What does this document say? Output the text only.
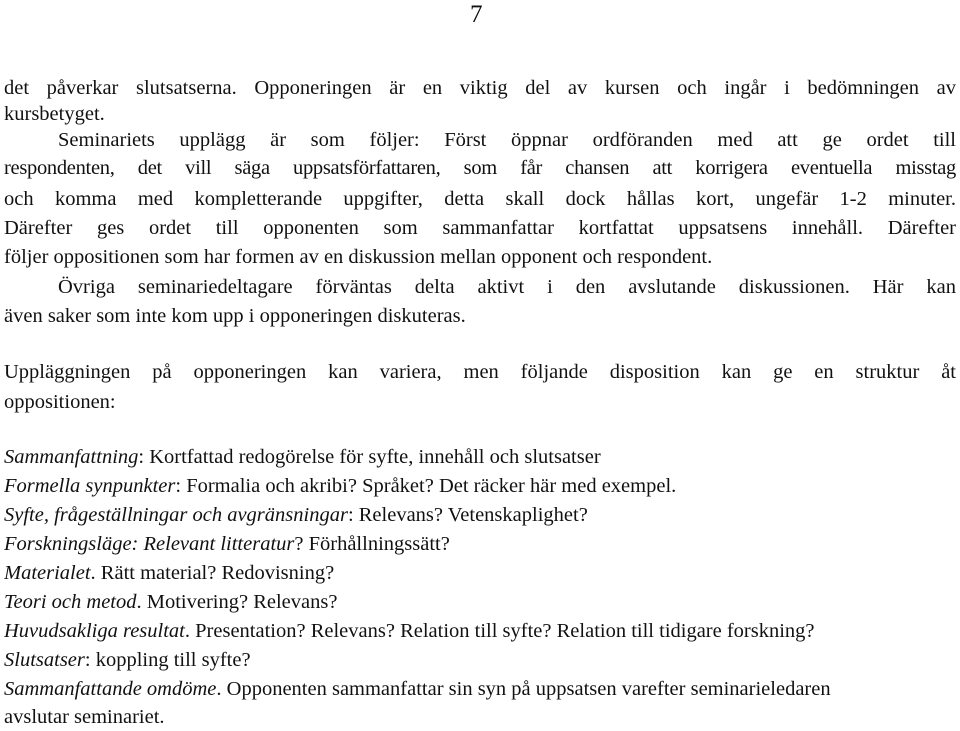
7
det påverkar slutsatserna. Opponeringen är en viktig del av kursen och ingår i bedömningen av
kursbetyget.
Seminariets upplägg är som följer: Först öppnar ordföranden med att ge ordet till
respondenten, det vill säga uppsatsförfattaren, som får chansen att korrigera eventuella misstag
och komma med kompletterande uppgifter, detta skall dock hållas kort, ungefär 1-2 minuter.
Därefter ges ordet till opponenten som sammanfattar kortfattat uppsatsens innehåll. Därefter
följer oppositionen som har formen av en diskussion mellan opponent och respondent.
Övriga seminariedeltagare förväntas delta aktivt i den avslutande diskussionen. Här kan
även saker som inte kom upp i opponeringen diskuteras.
Uppläggningen på opponeringen kan variera, men följande disposition kan ge en struktur åt
oppositionen:
Sammanfattning: Kortfattad redogörelse för syfte, innehåll och slutsatser
Formella synpunkter: Formalia och akribi? Språket? Det räcker här med exempel.
Syfte, frågeställningar och avgränsningar: Relevans? Vetenskaplighet?
Forskningsläge: Relevant litteratur? Förhållningssätt?
Materialet. Rätt material? Redovisning?
Teori och metod. Motivering? Relevans?
Huvudsakliga resultat. Presentation? Relevans? Relation till syfte? Relation till tidigare forskning?
Slutsatser: koppling till syfte?
Sammanfattande omdöme. Opponenten sammanfattar sin syn på uppsatsen varefter seminarieledaren
avslutar seminariet.
